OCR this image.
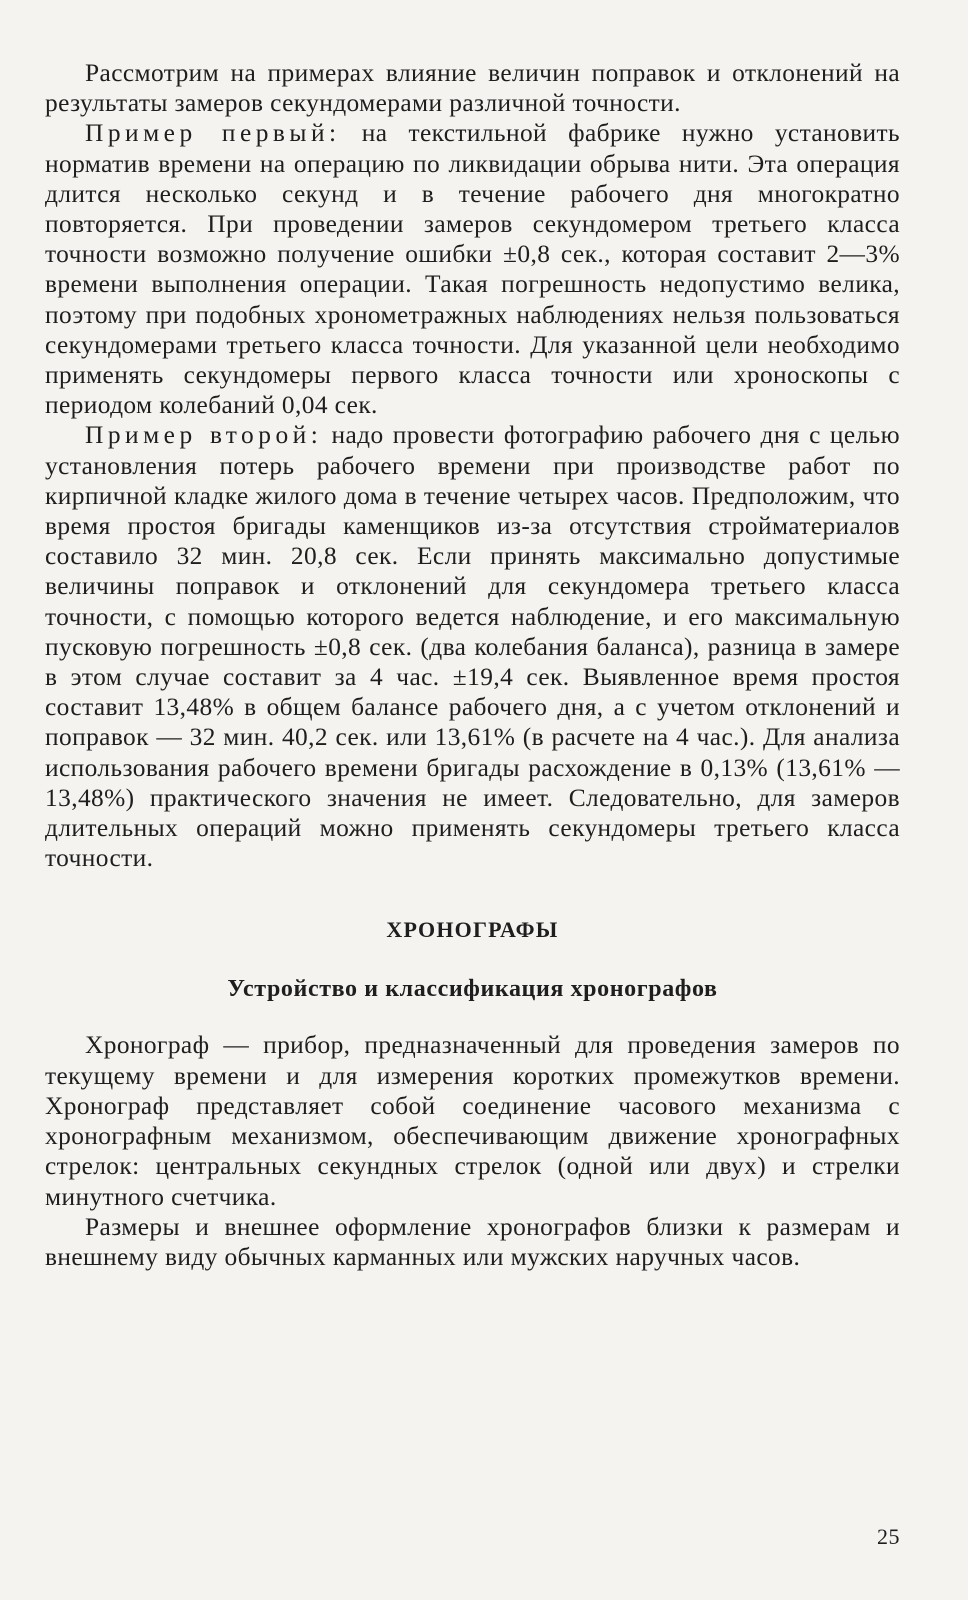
Рассмотрим на примерах влияние величин поправок и отклонений на результаты замеров секундомерами различной точности.

Пример первый: на текстильной фабрике нужно установить норматив времени на операцию по ликвидации обрыва нити. Эта операция длится несколько секунд и в течение рабочего дня многократно повторяется. При проведении замеров секундомером третьего класса точности возможно получение ошибки ±0,8 сек., которая составит 2—3% времени выполнения операции. Такая погрешность недопустимо велика, поэтому при подобных хронометражных наблюдениях нельзя пользоваться секундомерами третьего класса точности. Для указанной цели необходимо применять секундомеры первого класса точности или хроноскопы с периодом колебаний 0,04 сек.

Пример второй: надо провести фотографию рабочего дня с целью установления потерь рабочего времени при производстве работ по кирпичной кладке жилого дома в течение четырех часов. Предположим, что время простоя бригады каменщиков из-за отсутствия стройматериалов составило 32 мин. 20,8 сек. Если принять максимально допустимые величины поправок и отклонений для секундомера третьего класса точности, с помощью которого ведется наблюдение, и его максимальную пусковую погрешность ±0,8 сек. (два колебания баланса), разница в замере в этом случае составит за 4 час. ±19,4 сек. Выявленное время простоя составит 13,48% в общем балансе рабочего дня, а с учетом отклонений и поправок — 32 мин. 40,2 сек. или 13,61% (в расчете на 4 час.). Для анализа использования рабочего времени бригады расхождение в 0,13% (13,61% — 13,48%) практического значения не имеет. Следовательно, для замеров длительных операций можно применять секундомеры третьего класса точности.

ХРОНОГРАФЫ
Устройство и классификация хронографов

Хронограф — прибор, предназначенный для проведения замеров по текущему времени и для измерения коротких промежутков времени. Хронограф представляет собой соединение часового механизма с хронографным механизмом, обеспечивающим движение хронографных стрелок: центральных секундных стрелок (одной или двух) и стрелки минутного счетчика.

Размеры и внешнее оформление хронографов близки к размерам и внешнему виду обычных карманных или мужских наручных часов.

25
